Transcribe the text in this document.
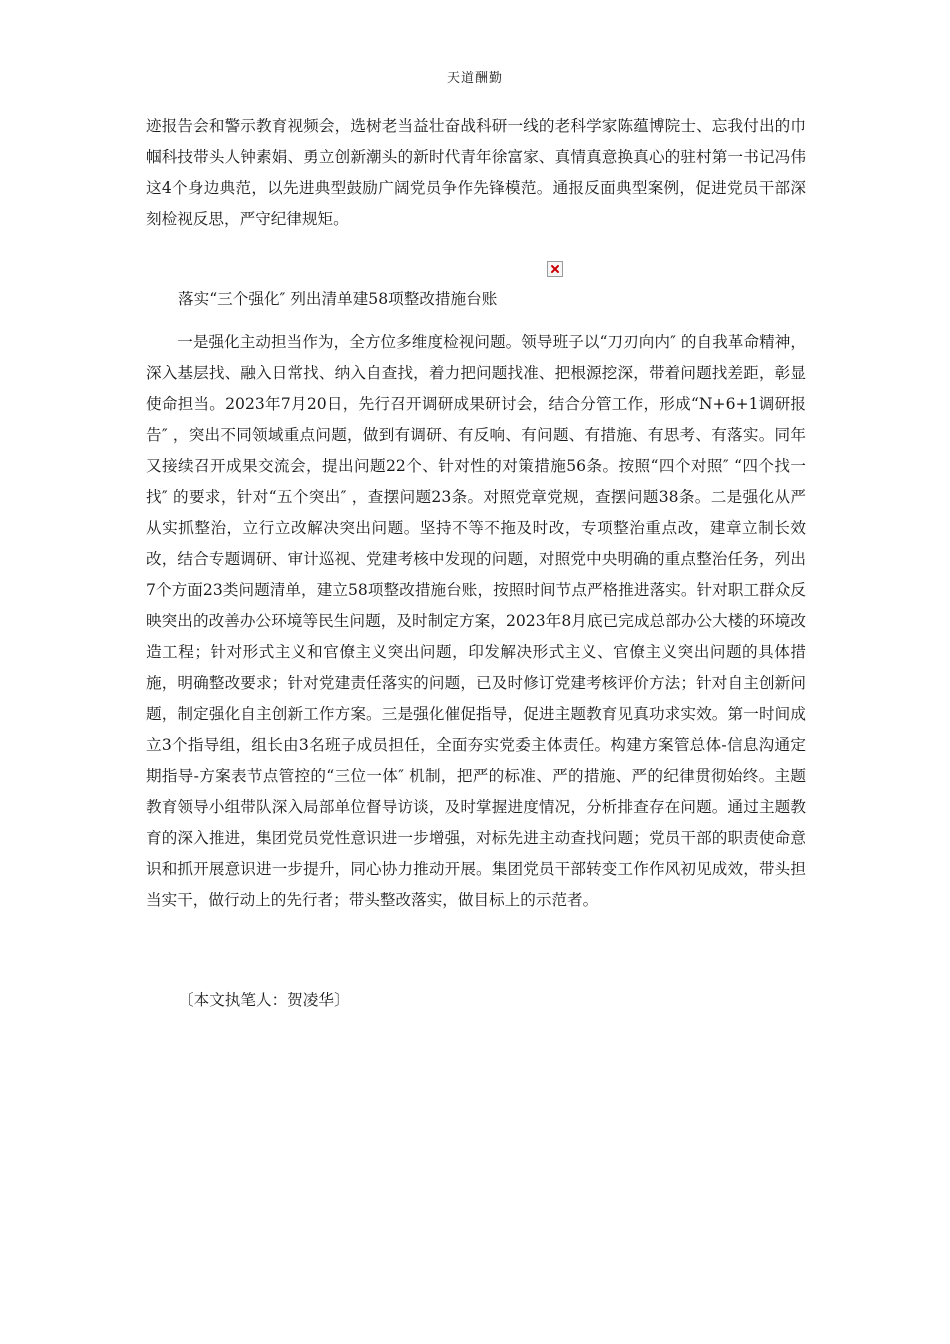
天道酬勤
迹报告会和警示教育视频会，选树老当益壮奋战科研一线的老科学家陈蕴博院士、忘我付出的巾帼科技带头人钟素娟、勇立创新潮头的新时代青年徐富家、真情真意换真心的驻村第一书记冯伟这4个身边典范，以先进典型鼓励广阔党员争作先锋模范。通报反面典型案例，促进党员干部深刻检视反思，严守纪律规矩。
落实“三个强化″ 列出清单建58项整改措施台账
一是强化主动担当作为，全方位多维度检视问题。领导班子以“刀刃向内″ 的自我革命精神，深入基层找、融入日常找、纳入自查找，着力把问题找准、把根源挖深，带着问题找差距，彰显使命担当。2023年7月20日，先行召开调研成果研讨会，结合分管工作，形成“N+6+1调研报告″ ，突出不同领域重点问题，做到有调研、有反响、有问题、有措施、有思考、有落实。同年又接续召开成果交流会，提出问题22个、针对性的对策措施56条。按照“四个对照″ “四个找一找″ 的要求，针对“五个突出″ ，查摆问题23条。对照党章党规，查摆问题38条。二是强化从严从实抓整治，立行立改解决突出问题。坚持不等不拖及时改，专项整治重点改，建章立制长效改，结合专题调研、审计巡视、党建考核中发现的问题，对照党中央明确的重点整治任务，列出7个方面23类问题清单，建立58项整改措施台账，按照时间节点严格推进落实。针对职工群众反映突出的改善办公环境等民生问题，及时制定方案，2023年8月底已完成总部办公大楼的环境改造工程；针对形式主义和官僚主义突出问题，印发解决形式主义、官僚主义突出问题的具体措施，明确整改要求；针对党建责任落实的问题，已及时修订党建考核评价方法；针对自主创新问题，制定强化自主创新工作方案。三是强化催促指导，促进主题教育见真功求实效。第一时间成立3个指导组，组长由3名班子成员担任，全面夯实党委主体责任。构建方案管总体-信息沟通定期指导-方案表节点管控的“三位一体″ 机制，把严的标准、严的措施、严的纪律贯彻始终。主题教育领导小组带队深入局部单位督导访谈，及时掌握进度情况，分析排查存在问题。通过主题教育的深入推进，集团党员党性意识进一步增强，对标先进主动查找问题；党员干部的职责使命意识和抓开展意识进一步提升，同心协力推动开展。集团党员干部转变工作作风初见成效，带头担当实干，做行动上的先行者；带头整改落实，做目标上的示范者。
〔本文执笔人：贺凌华〕
